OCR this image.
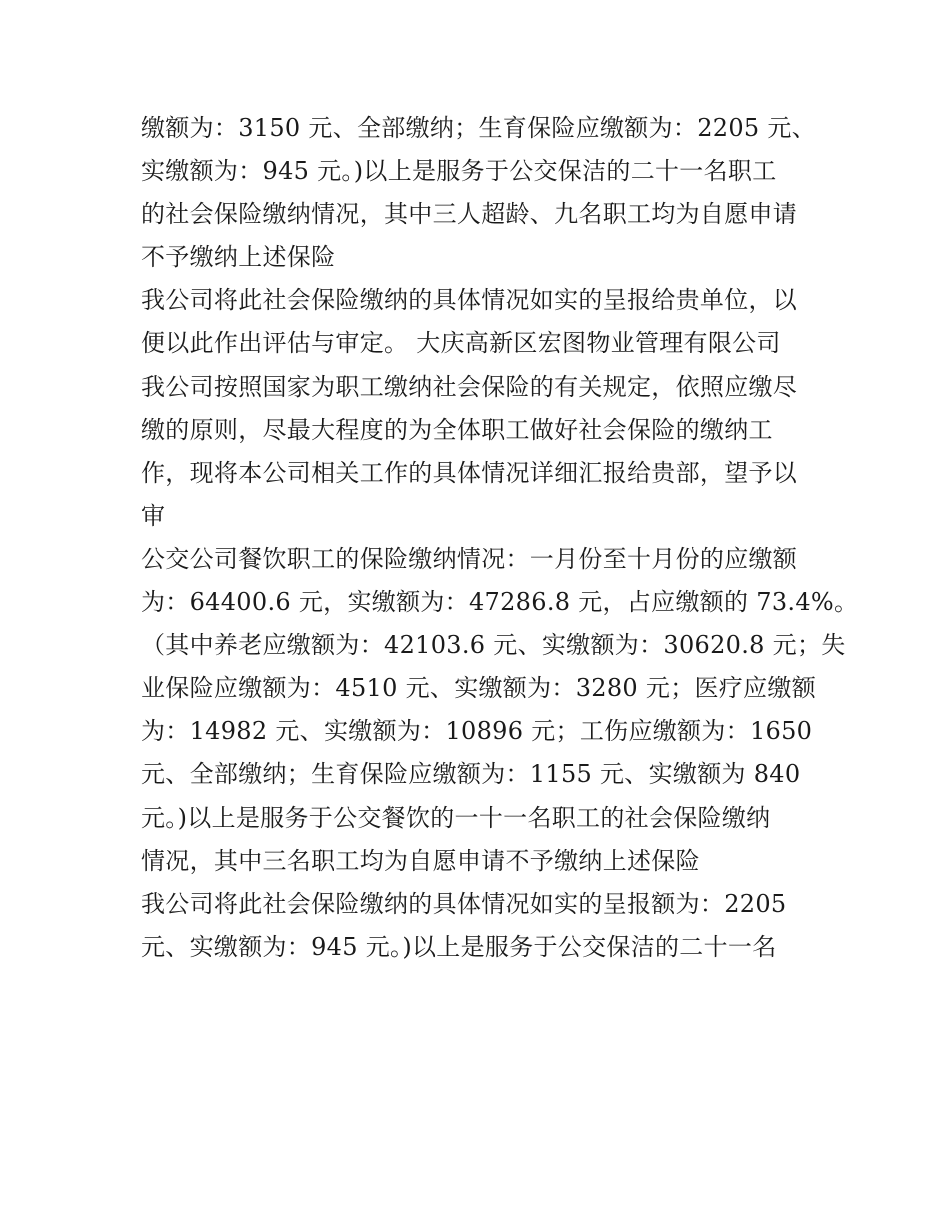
缴额为：3150 元、全部缴纳；生育保险应缴额为：2205 元、
实缴额为：945 元。)以上是服务于公交保洁的二十一名职工
的社会保险缴纳情况，其中三人超龄、九名职工均为自愿申请
不予缴纳上述保险
我公司将此社会保险缴纳的具体情况如实的呈报给贵单位，以
便以此作出评估与审定。 大庆高新区宏图物业管理有限公司
我公司按照国家为职工缴纳社会保险的有关规定，依照应缴尽
缴的原则，尽最大程度的为全体职工做好社会保险的缴纳工
作，现将本公司相关工作的具体情况详细汇报给贵部，望予以
审
公交公司餐饮职工的保险缴纳情况：一月份至十月份的应缴额
为：64400.6 元，实缴额为：47286.8 元，占应缴额的 73.4%。
（其中养老应缴额为：42103.6 元、实缴额为：30620.8 元；失
业保险应缴额为：4510 元、实缴额为：3280 元；医疗应缴额
为：14982 元、实缴额为：10896 元；工伤应缴额为：1650
元、全部缴纳；生育保险应缴额为：1155 元、实缴额为 840
元。)以上是服务于公交餐饮的一十一名职工的社会保险缴纳
情况，其中三名职工均为自愿申请不予缴纳上述保险
我公司将此社会保险缴纳的具体情况如实的呈报额为：2205
元、实缴额为：945 元。)以上是服务于公交保洁的二十一名
